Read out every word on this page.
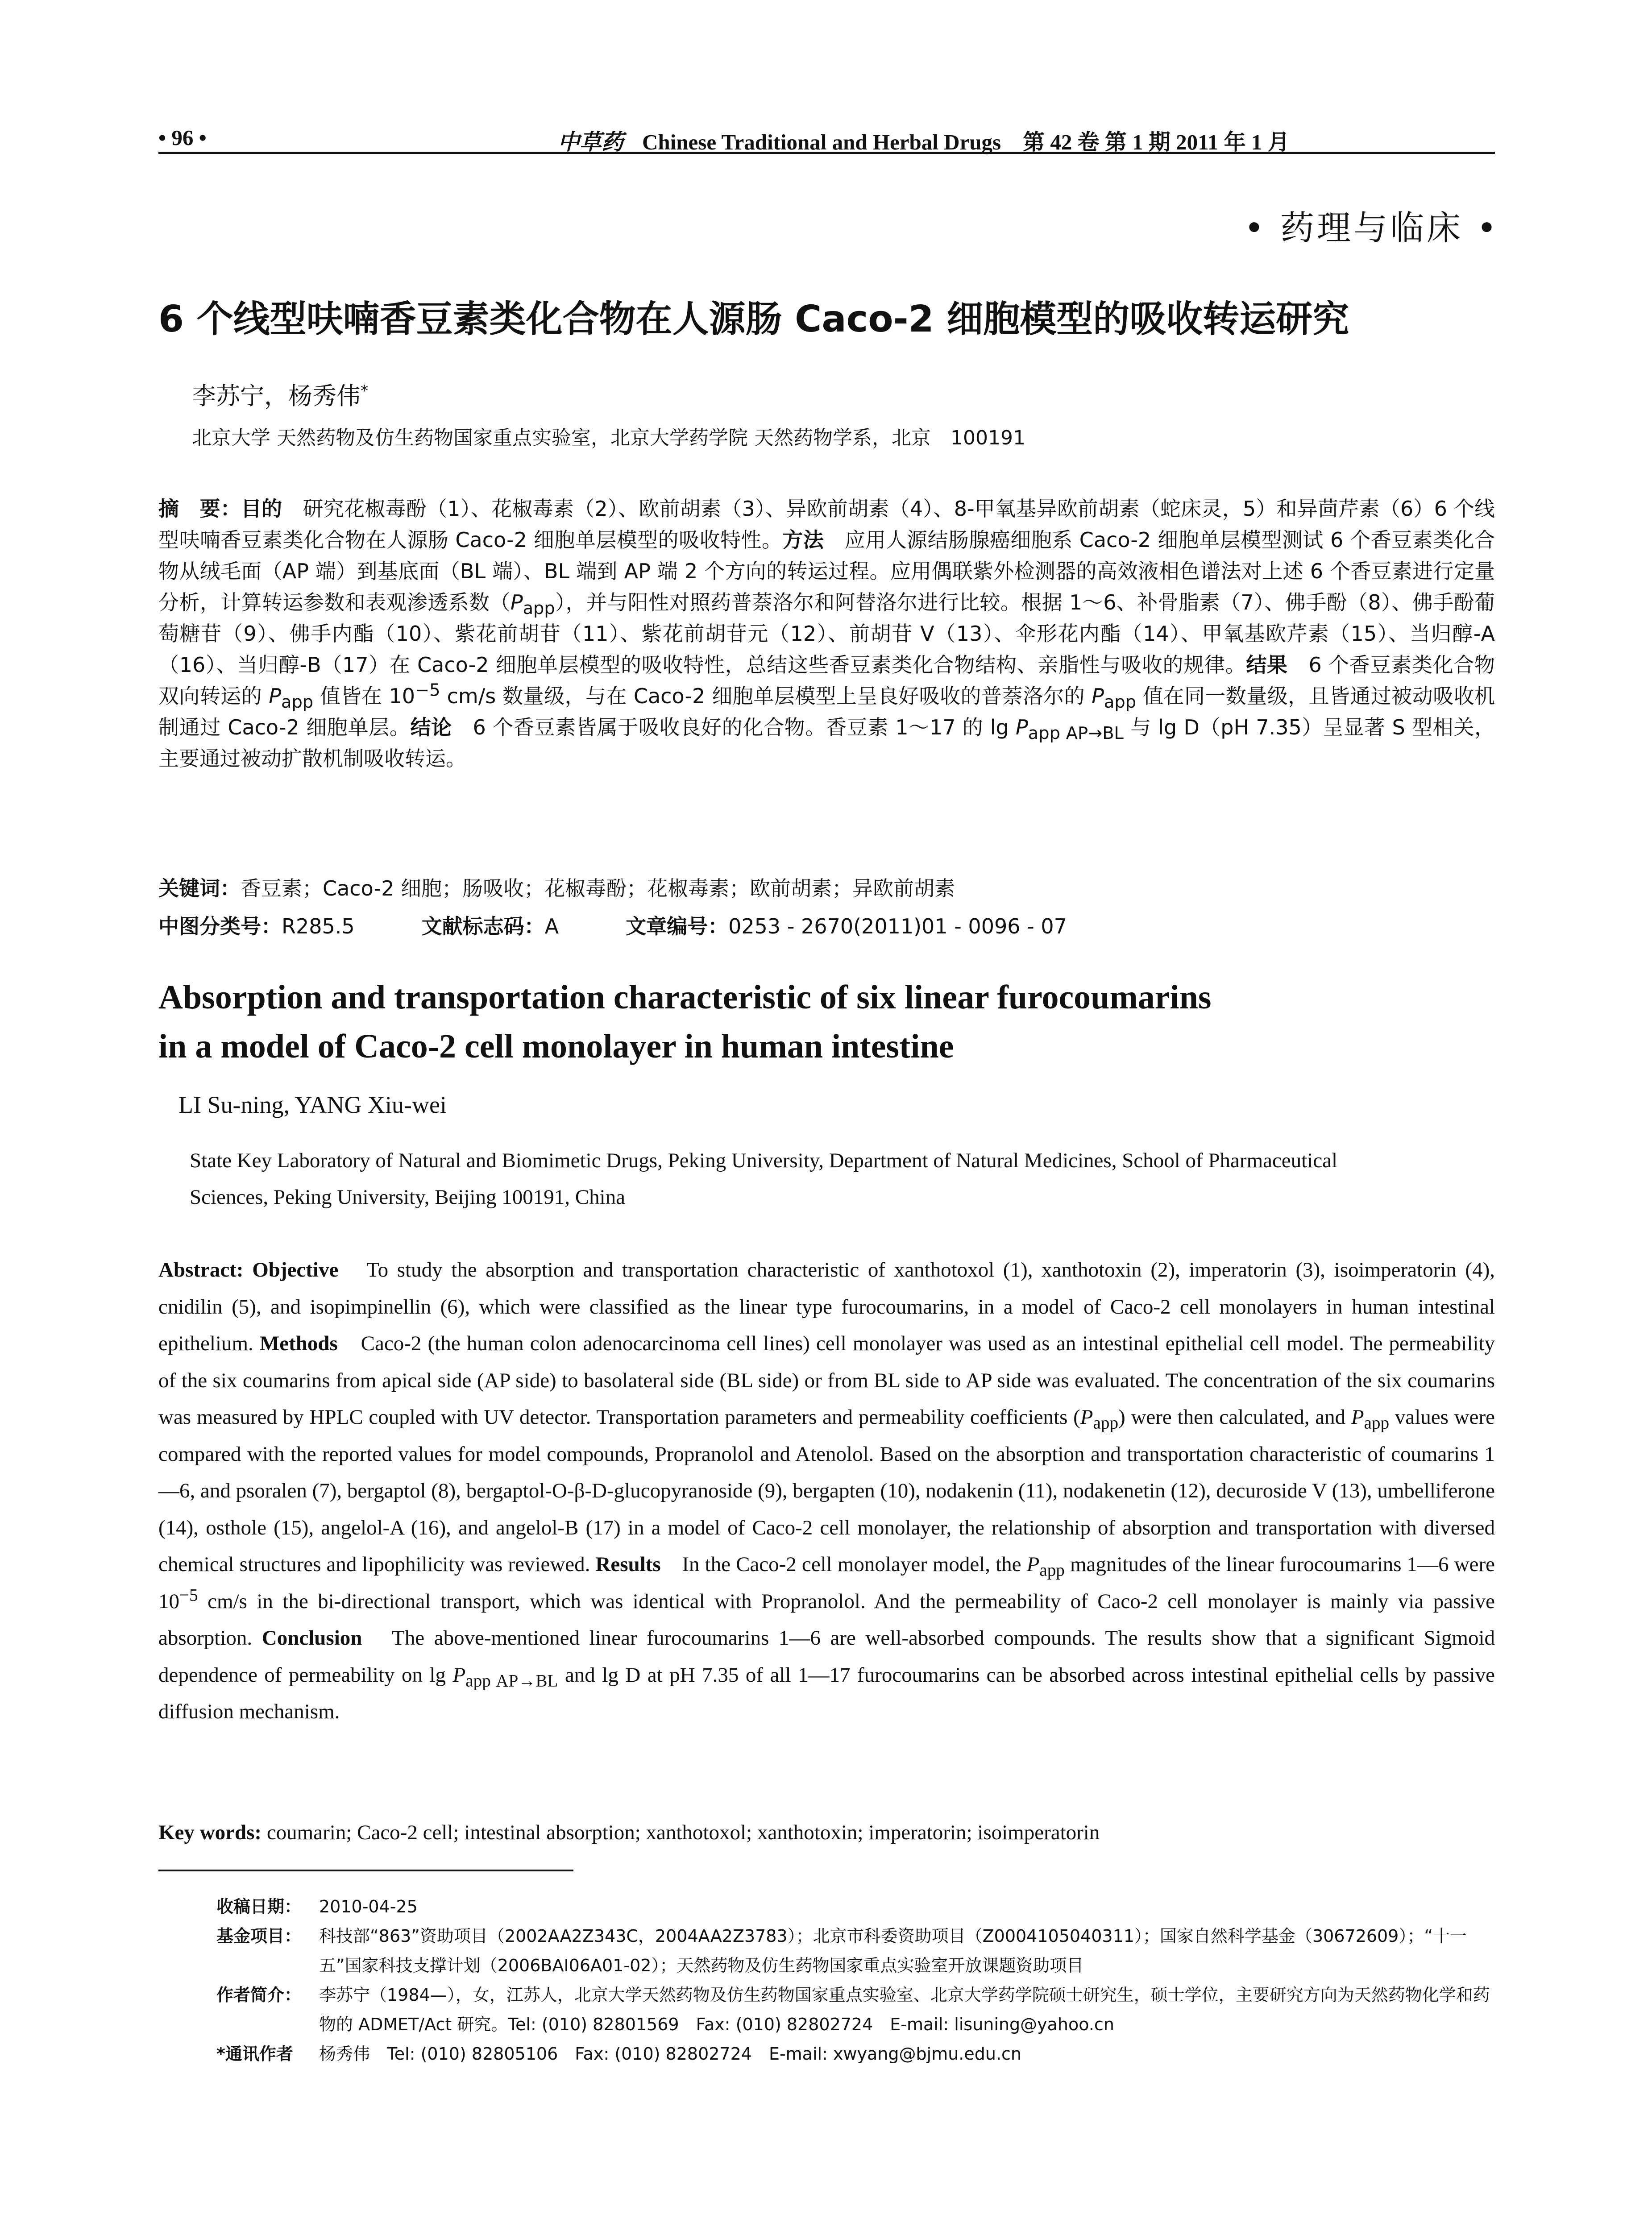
• 96 •	中草药 Chinese Traditional and Herbal Drugs　第 42 卷 第 1 期 2011 年 1 月
• 药理与临床 •
6 个线型呋喃香豆素类化合物在人源肠 Caco-2 细胞模型的吸收转运研究
李苏宁，杨秀伟*
北京大学 天然药物及仿生药物国家重点实验室，北京大学药学院 天然药物学系，北京　100191
摘　要：目的　 研究花椒毒酚（1）、花椒毒素（2）、欧前胡素（3）、异欧前胡素（4）、8-甲氧基异欧前胡素（蛇床灵，5）和异茴芹素（6）6 个线型呋喃香豆素类化合物在人源肠 Caco-2 细胞单层模型的吸收特性。方法　 应用人源结肠腺癌细胞系 Caco-2 细胞单层模型测试 6 个香豆素类化合物从绒毛面（AP 端）到基底面（BL 端）、BL 端到 AP 端 2 个方向的转运过程。应用偶联紫外检测器的高效液相色谱法对上述 6 个香豆素进行定量分析，计算转运参数和表观渗透系数$(P_{app})$，并与阳性对照药普萘洛尔和阿替洛尔进行比较。根据 1～6、补骨脂素（7）、佛手酚（8）、佛手酚葡萄糖苷（9）、佛手内酯（10）、紫花前胡苷（11）、紫花前胡苷元（12）、前胡苷 V（13）、伞形花内酯（14）、甲氧基欧芹素（15）、当归醇-A（16）、当归醇-B（17）在 Caco-2 细胞单层模型的吸收特性，总结这些香豆素类化合物结构、亲脂性与吸收的规律。结果　 6 个香豆素类化合物双向转运的 $P_{app}$ 值皆在 $10^{-5}$ cm/s 数量级，与在 Caco-2 细胞单层模型上呈良好吸收的普萘洛尔的 $P_{app}$ 值在同一数量级，且皆通过被动吸收机制通过 Caco-2 细胞单层。结论　 6 个香豆素皆属于吸收良好的化合物。香豆素 1～17 的 $\lg P_{app AP\to BL}$ 与 lg D（pH 7.35）呈显著 S 型相关，主要通过被动扩散机制吸收转运。
关键词：香豆素；Caco-2 细胞；肠吸收；花椒毒酚；花椒毒素；欧前胡素；异欧前胡素
中图分类号：R285.5	文献标志码：A	文章编号：0253 - 2670(2011)01 - 0096 - 07
Absorption and transportation characteristic of six linear furocoumarins
in a model of Caco-2 cell monolayer in human intestine
LI Su-ning, YANG Xiu-wei
State Key Laboratory of Natural and Biomimetic Drugs, Peking University, Department of Natural Medicines, School of Pharmaceutical Sciences, Peking University, Beijing 100191, China
Abstract: Objective　 To study the absorption and transportation characteristic of xanthotoxol (1), xanthotoxin (2), imperatorin (3), isoimperatorin (4), cnidilin (5), and isopimpinellin (6), which were classified as the linear type furocoumarins, in a model of Caco-2 cell monolayers in human intestinal epithelium. Methods　 Caco-2 (the human colon adenocarcinoma cell lines) cell monolayer was used as an intestinal epithelial cell model. The permeability of the six coumarins from apical side (AP side) to basolateral side (BL side) or from BL side to AP side was evaluated. The concentration of the six coumarins was measured by HPLC coupled with UV detector. Transportation parameters and permeability coefficients $(P_{app})$ were then calculated, and $P_{app}$ values were compared with the reported values for model compounds, Propranolol and Atenolol. Based on the absorption and transportation characteristic of coumarins 1—6, and psoralen (7), bergaptol (8), bergaptol-O-β-D-glucopyranoside (9), bergapten (10), nodakenin (11), nodakenetin (12), decuroside V (13), umbelliferone (14), osthole (15), angelol-A (16), and angelol-B (17) in a model of Caco-2 cell monolayer, the relationship of absorption and transportation with diversed chemical structures and lipophilicity was reviewed. Results　 In the Caco-2 cell monolayer model, the $P_{app}$ magnitudes of the linear furocoumarins 1—6 were $10^{-5}$ cm/s in the bi-directional transport, which was identical with Propranolol. And the permeability of Caco-2 cell monolayer is mainly via passive absorption. Conclusion　 The above-mentioned linear furocoumarins 1—6 are well-absorbed compounds. The results show that a significant Sigmoid dependence of permeability on $\lg P_{app AP\to BL}$ and lg D at pH 7.35 of all 1—17 furocoumarins can be absorbed across intestinal epithelial cells by passive diffusion mechanism.
Key words: coumarin; Caco-2 cell; intestinal absorption; xanthotoxol; xanthotoxin; imperatorin; isoimperatorin
收稿日期：	2010-04-25
基金项目：	科技部“863”资助项目（2002AA2Z343C，2004AA2Z3783）；北京市科委资助项目（Z0004105040311）；国家自然科学基金（30672609）；“十一五”国家科技支撑计划（2006BAI06A01-02）；天然药物及仿生药物国家重点实验室开放课题资助项目
作者简介：	李苏宁（1984—），女，江苏人，北京大学天然药物及仿生药物国家重点实验室、北京大学药学院硕士研究生，硕士学位，主要研究方向为天然药物化学和药物的 ADMET/Act 研究。Tel: (010) 82801569　Fax: (010) 82802724　E-mail: lisuning@yahoo.cn
*通讯作者	杨秀伟　Tel: (010) 82805106　Fax: (010) 82802724　E-mail: xwyang@bjmu.edu.cn
